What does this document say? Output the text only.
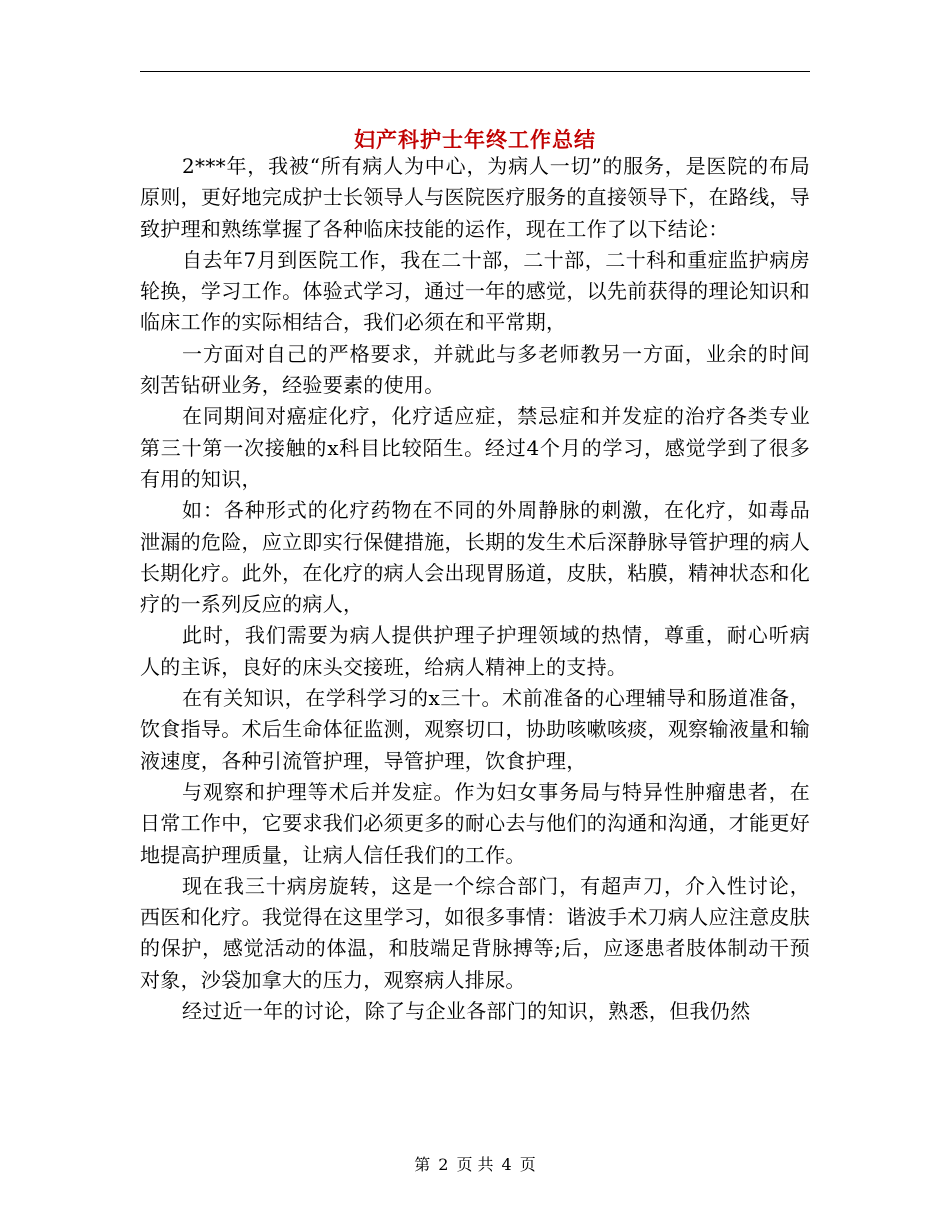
妇产科护士年终工作总结

2***年，我被“所有病人为中心，为病人一切”的服务，是医院的布局原则，更好地完成护士长领导人与医院医疗服务的直接领导下，在路线，导致护理和熟练掌握了各种临床技能的运作，现在工作了以下结论：

自去年7月到医院工作，我在二十部，二十部，二十科和重症监护病房轮换，学习工作。体验式学习，通过一年的感觉，以先前获得的理论知识和临床工作的实际相结合，我们必须在和平常期，

一方面对自己的严格要求，并就此与多老师教另一方面，业余的时间刻苦钻研业务，经验要素的使用。

在同期间对癌症化疗，化疗适应症，禁忌症和并发症的治疗各类专业第三十第一次接触的x科目比较陌生。经过4个月的学习，感觉学到了很多有用的知识，

如：各种形式的化疗药物在不同的外周静脉的刺激，在化疗，如毒品泄漏的危险，应立即实行保健措施，长期的发生术后深静脉导管护理的病人长期化疗。此外，在化疗的病人会出现胃肠道，皮肤，粘膜，精神状态和化疗的一系列反应的病人，

此时，我们需要为病人提供护理子护理领域的热情，尊重，耐心听病人的主诉，良好的床头交接班，给病人精神上的支持。

在有关知识，在学科学习的x三十。术前准备的心理辅导和肠道准备，饮食指导。术后生命体征监测，观察切口，协助咳嗽咳痰，观察输液量和输液速度，各种引流管护理，导管护理，饮食护理，

与观察和护理等术后并发症。作为妇女事务局与特异性肿瘤患者，在日常工作中，它要求我们必须更多的耐心去与他们的沟通和沟通，才能更好地提高护理质量，让病人信任我们的工作。

现在我三十病房旋转，这是一个综合部门，有超声刀，介入性讨论，西医和化疗。我觉得在这里学习，如很多事情：谐波手术刀病人应注意皮肤的保护，感觉活动的体温，和肢端足背脉搏等;后，应逐患者肢体制动干预对象，沙袋加拿大的压力，观察病人排尿。

经过近一年的讨论，除了与企业各部门的知识，熟悉，但我仍然

第 2 页 共 4 页
